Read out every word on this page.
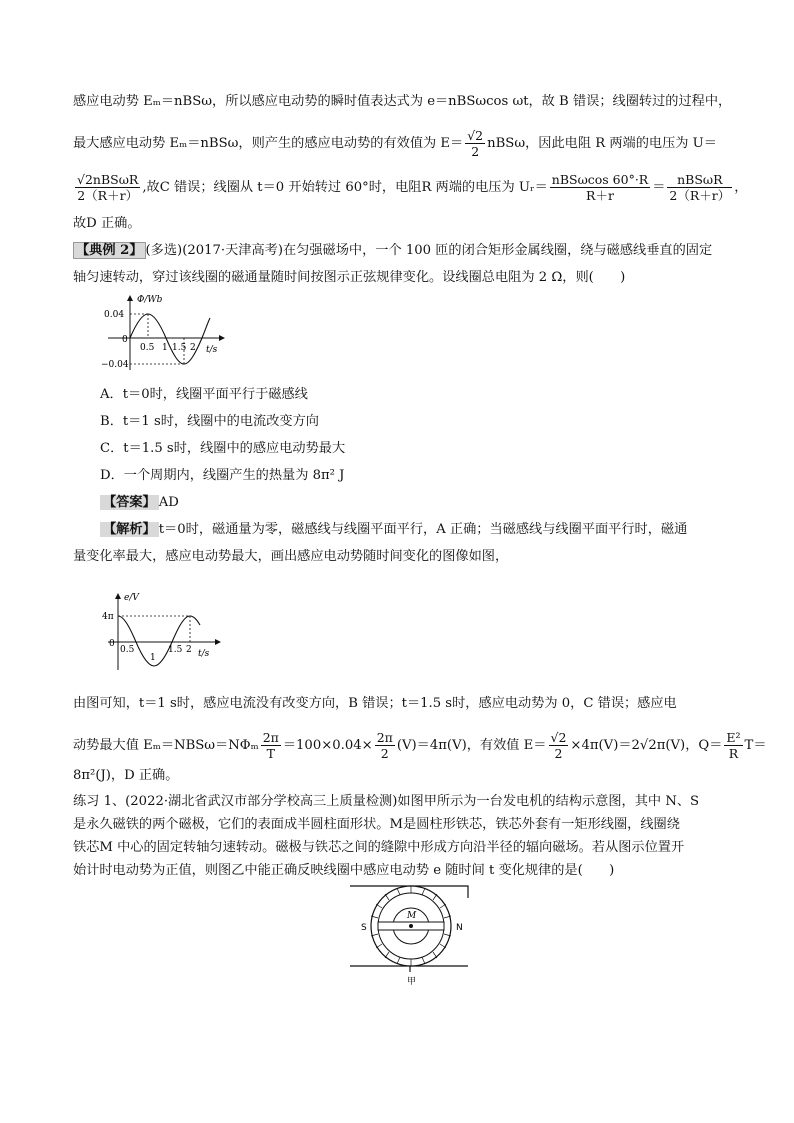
感应电动势 Eₘ＝nBSω，所以感应电动势的瞬时值表达式为 e＝nBSωcos ωt，故 B 错误；线圈转过的过程中，
最大感应电动势 Eₘ＝nBSω，则产生的感应电动势的有效值为 $E= \frac{√2}{2}$ nBSω，因此电阻 R 两端的电压为 U＝
$\frac{\text{√2nBSωR}}{2(R+r)}$ ,故C 错误；线圈从 t＝0 开始转过 60°时，电阻R 两端的电压为 Uᵣ＝ $\frac{\text{nBSωcos 60°·R}}{R+r} = \frac{\text{nBSωR}}{2(R+r)}$ ，
故D 正确。
【典例 2】 (多选)(2017·天津高考)在匀强磁场中，一个 100 匝的闭合矩形金属线圈，绕与磁感线垂直的固定
轴匀速转动，穿过该线圈的磁通量随时间按图示正弦规律变化。设线圈总电阻为 2 Ω，则(　　)
Φ/Wb
0.04
−0.04
0
0.5 1 1.5 2 t/s
A．t＝0时，线圈平面平行于磁感线
B．t＝1 s时，线圈中的电流改变方向
C．t＝1.5 s时，线圈中的感应电动势最大
D．一个周期内，线圈产生的热量为 8π² J
【答案】 AD
【解析】 t＝0时，磁通量为零，磁感线与线圈平面平行，A 正确；当磁感线与线圈平面平行时，磁通
量变化率最大，感应电动势最大，画出感应电动势随时间变化的图像如图，
e/V
4π
0
0.5
1
1.5 2 t/s
由图可知，t＝1 s时，感应电流没有改变方向，B 错误；t＝1.5 s时，感应电动势为 0，C 错误；感应电
动势最大值 $E_m=NBS\omega=N\Phi_m \frac{2\pi}{T} =100\times 0.04\times \frac{2\pi}{2} (V)=4\pi(V)$，有效值 $E= \frac{√2}{2} \times 4\pi(V)=2√2\pi(V)$，$Q= \frac{\text{E²}}{R} T=$
8π²(J)，D 正确。
练习 1、(2022·湖北省武汉市部分学校高三上质量检测)如图甲所示为一台发电机的结构示意图，其中 N、S
是永久磁铁的两个磁极，它们的表面成半圆柱面形状。M是圆柱形铁芯，铁芯外套有一矩形线圈，线圈绕
铁芯M 中心的固定转轴匀速转动。磁极与铁芯之间的缝隙中形成方向沿半径的辐向磁场。若从图示位置开
始计时电动势为正值，则图乙中能正确反映线圈中感应电动势 e 随时间 t 变化规律的是(　　)
M
S	N
甲
